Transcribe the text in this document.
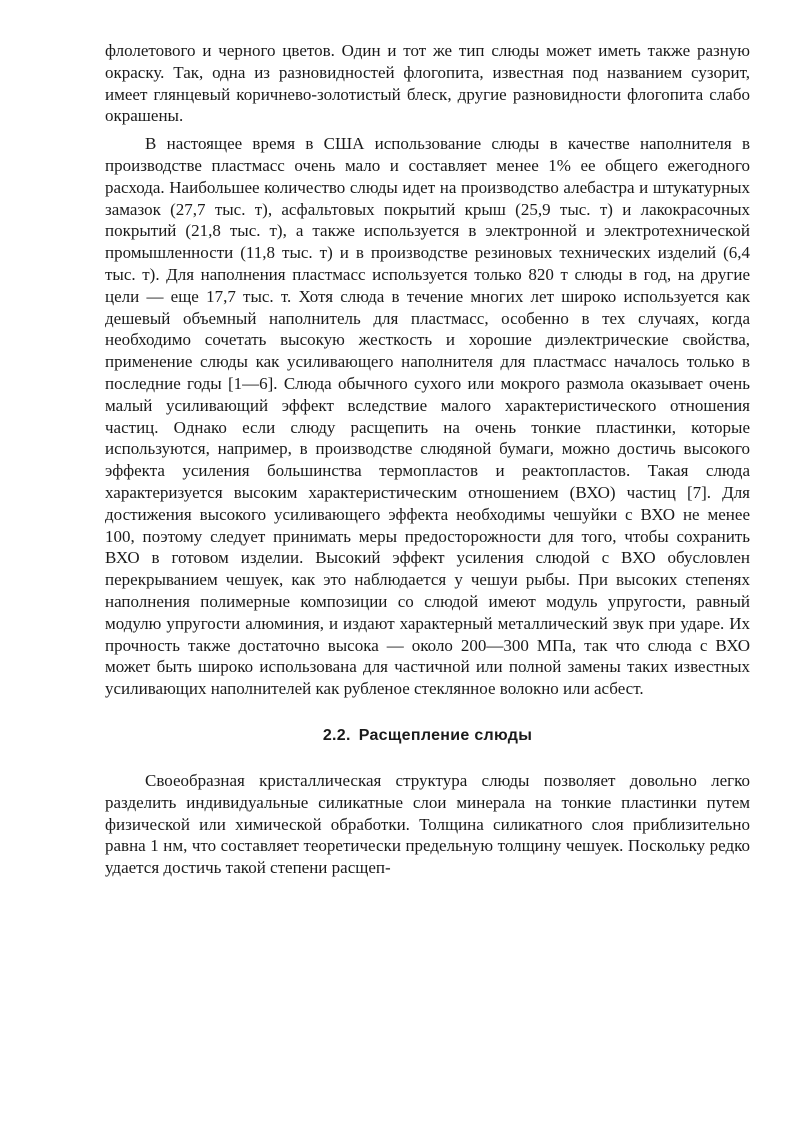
флолетового и черного цветов. Один и тот же тип слюды может иметь также разную окраску. Так, одна из разновидностей флогопита, известная под названием сузорит, имеет глянцевый коричнево-золотистый блеск, другие разновидности флогопита слабо окрашены.

В настоящее время в США использование слюды в качестве наполнителя в производстве пластмасс очень мало и составляет менее 1% ее общего ежегодного расхода. Наибольшее количество слюды идет на производство алебастра и штукатурных замазок (27,7 тыс. т), асфальтовых покрытий крыш (25,9 тыс. т) и лакокрасочных покрытий (21,8 тыс. т), а также используется в электронной и электротехнической промышленности (11,8 тыс. т) и в производстве резиновых технических изделий (6,4 тыс. т). Для наполнения пластмасс используется только 820 т слюды в год, на другие цели — еще 17,7 тыс. т. Хотя слюда в течение многих лет широко используется как дешевый объемный наполнитель для пластмасс, особенно в тех случаях, когда необходимо сочетать высокую жесткость и хорошие диэлектрические свойства, применение слюды как усиливающего наполнителя для пластмасс началось только в последние годы [1—6]. Слюда обычного сухого или мокрого размола оказывает очень малый усиливающий эффект вследствие малого характеристического отношения частиц. Однако если слюду расщепить на очень тонкие пластинки, которые используются, например, в производстве слюдяной бумаги, можно достичь высокого эффекта усиления большинства термопластов и реактопластов. Такая слюда характеризуется высоким характеристическим отношением (ВХО) частиц [7]. Для достижения высокого усиливающего эффекта необходимы чешуйки с ВХО не менее 100, поэтому следует принимать меры предосторожности для того, чтобы сохранить ВХО в готовом изделии. Высокий эффект усиления слюдой с ВХО обусловлен перекрыванием чешуек, как это наблюдается у чешуи рыбы. При высоких степенях наполнения полимерные композиции со слюдой имеют модуль упругости, равный модулю упругости алюминия, и издают характерный металлический звук при ударе. Их прочность также достаточно высока — около 200—300 МПа, так что слюда с ВХО может быть широко использована для частичной или полной замены таких известных усиливающих наполнителей как рубленое стеклянное волокно или асбест.

2.2. Расщепление слюды

Своеобразная кристаллическая структура слюды позволяет довольно легко разделить индивидуальные силикатные слои минерала на тонкие пластинки путем физической или химической обработки. Толщина силикатного слоя приблизительно равна 1 нм, что составляет теоретически предельную толщину чешуек. Поскольку редко удается достичь такой степени расщеп-
